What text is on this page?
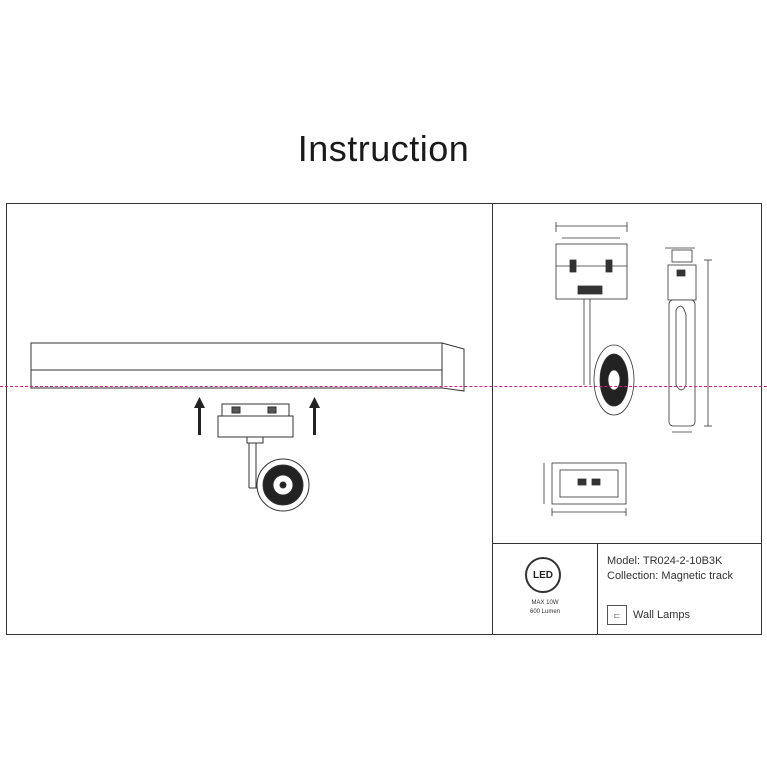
Instruction
LED
MAX 10W
600 Lumen
Model: TR024-2-10B3K
Collection: Magnetic track
⊏	Wall Lamps
